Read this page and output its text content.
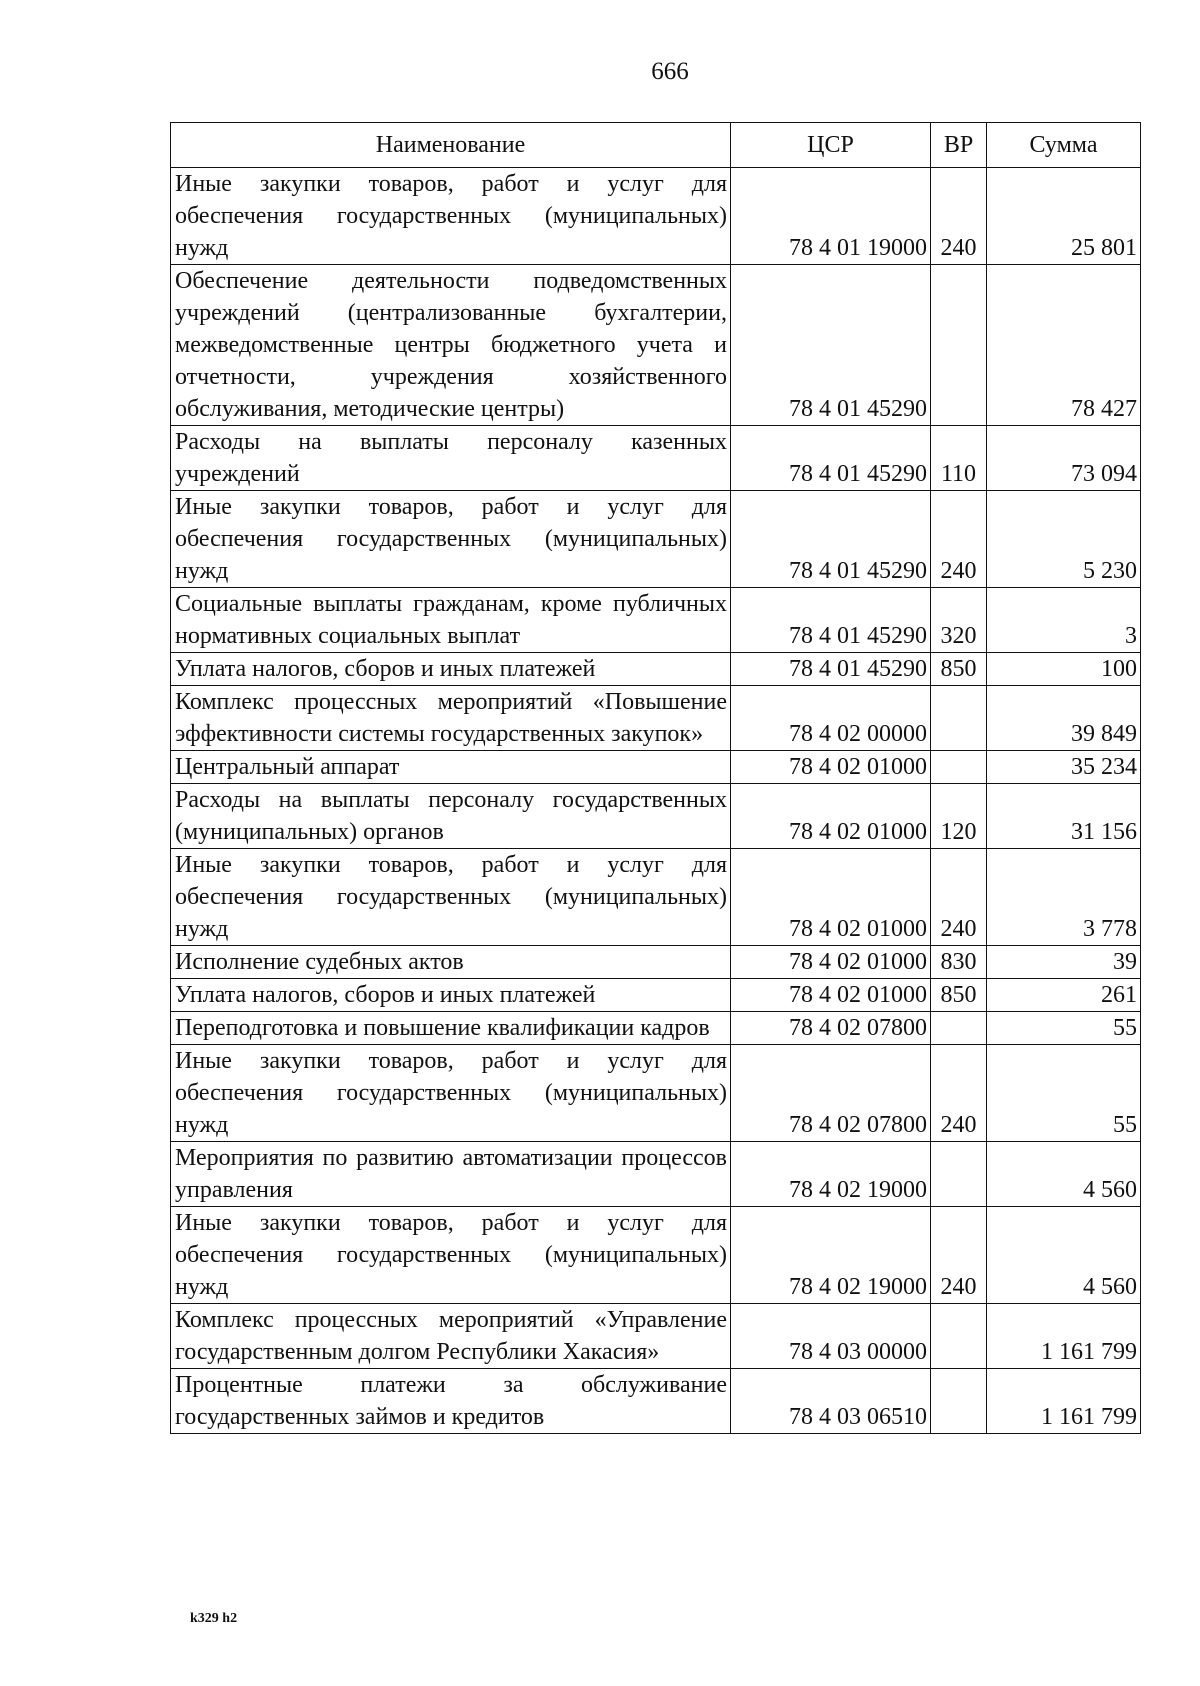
666
Наименование	ЦСР	ВР	Сумма
Иные закупки товаров, работ и услуг для обеспечения государственных (муниципальных) нужд	78 4 01 19000	240	25 801
Обеспечение деятельности подведомственных учреждений (централизованные бухгалтерии, межведомственные центры бюджетного учета и отчетности, учреждения хозяйственного обслуживания, методические центры)	78 4 01 45290		78 427
Расходы на выплаты персоналу казенных учреждений	78 4 01 45290	110	73 094
Иные закупки товаров, работ и услуг для обеспечения государственных (муниципальных) нужд	78 4 01 45290	240	5 230
Социальные выплаты гражданам, кроме публичных нормативных социальных выплат	78 4 01 45290	320	3
Уплата налогов, сборов и иных платежей	78 4 01 45290	850	100
Комплекс процессных мероприятий «Повышение эффективности системы государственных закупок»	78 4 02 00000		39 849
Центральный аппарат	78 4 02 01000		35 234
Расходы на выплаты персоналу государственных (муниципальных) органов	78 4 02 01000	120	31 156
Иные закупки товаров, работ и услуг для обеспечения государственных (муниципальных) нужд	78 4 02 01000	240	3 778
Исполнение судебных актов	78 4 02 01000	830	39
Уплата налогов, сборов и иных платежей	78 4 02 01000	850	261
Переподготовка и повышение квалификации кадров	78 4 02 07800		55
Иные закупки товаров, работ и услуг для обеспечения государственных (муниципальных) нужд	78 4 02 07800	240	55
Мероприятия по развитию автоматизации процессов управления	78 4 02 19000		4 560
Иные закупки товаров, работ и услуг для обеспечения государственных (муниципальных) нужд	78 4 02 19000	240	4 560
Комплекс процессных мероприятий «Управление государственным долгом Республики Хакасия»	78 4 03 00000		1 161 799
Процентные платежи за обслуживание государственных займов и кредитов	78 4 03 06510		1 161 799
k329 h2
